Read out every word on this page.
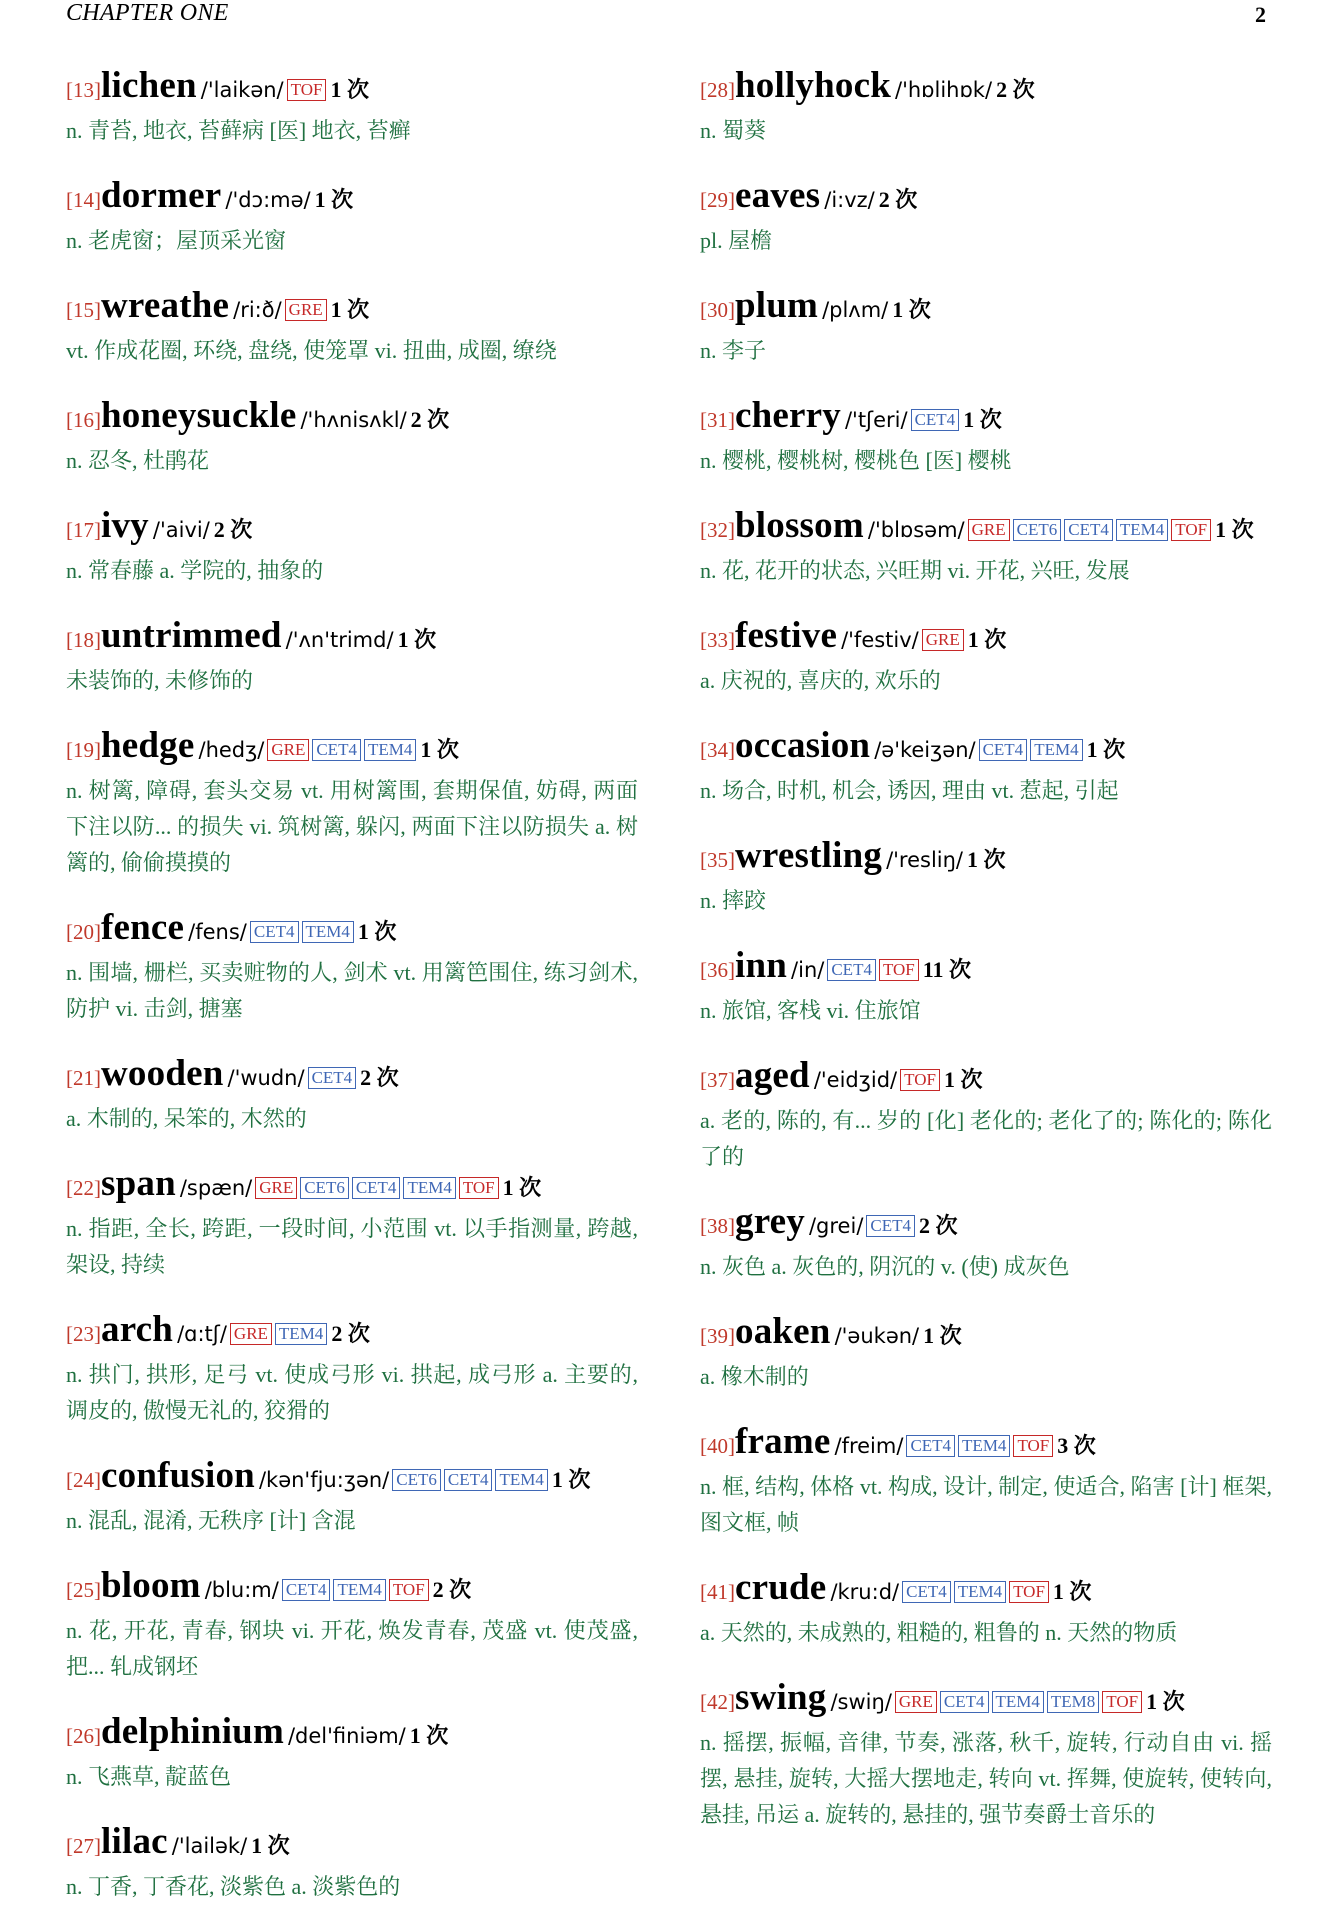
CHAPTER ONE	2
[13]lichen /'laikən/ TOF 1 次
n. 青苔, 地衣, 苔藓病 [医] 地衣, 苔癣
[14]dormer /'dɔ:mə/ 1 次
n. 老虎窗；屋顶采光窗
[15]wreathe /ri:ð/ GRE 1 次
vt. 作成花圈, 环绕, 盘绕, 使笼罩 vi. 扭曲, 成圈, 缭绕
[16]honeysuckle /'hʌnisʌkl/ 2 次
n. 忍冬, 杜鹃花
[17]ivy /'aivi/ 2 次
n. 常春藤 a. 学院的, 抽象的
[18]untrimmed /'ʌn'trimd/ 1 次
未装饰的, 未修饰的
[19]hedge /hedʒ/ GRE CET4 TEM4 1 次
n. 树篱, 障碍, 套头交易 vt. 用树篱围, 套期保值, 妨碍, 两面下注以防... 的损失 vi. 筑树篱, 躲闪, 两面下注以防损失 a. 树篱的, 偷偷摸摸的
[20]fence /fens/ CET4 TEM4 1 次
n. 围墙, 栅栏, 买卖赃物的人, 剑术 vt. 用篱笆围住, 练习剑术, 防护 vi. 击剑, 搪塞
[21]wooden /'wudn/ CET4 2 次
a. 木制的, 呆笨的, 木然的
[22]span /spæn/ GRE CET6 CET4 TEM4 TOF 1 次
n. 指距, 全长, 跨距, 一段时间, 小范围 vt. 以手指测量, 跨越, 架设, 持续
[23]arch /ɑ:tʃ/ GRE TEM4 2 次
n. 拱门, 拱形, 足弓 vt. 使成弓形 vi. 拱起, 成弓形 a. 主要的, 调皮的, 傲慢无礼的, 狡猾的
[24]confusion /kən'fju:ʒən/ CET6 CET4 TEM4 1 次
n. 混乱, 混淆, 无秩序 [计] 含混
[25]bloom /blu:m/ CET4 TEM4 TOF 2 次
n. 花, 开花, 青春, 钢块 vi. 开花, 焕发青春, 茂盛 vt. 使茂盛, 把... 轧成钢坯
[26]delphinium /del'finiəm/ 1 次
n. 飞燕草, 靛蓝色
[27]lilac /'lailək/ 1 次
n. 丁香, 丁香花, 淡紫色 a. 淡紫色的
[28]hollyhock /'hɒlihɒk/ 2 次
n. 蜀葵
[29]eaves /i:vz/ 2 次
pl. 屋檐
[30]plum /plʌm/ 1 次
n. 李子
[31]cherry /'tʃeri/ CET4 1 次
n. 樱桃, 樱桃树, 樱桃色 [医] 樱桃
[32]blossom /'blɒsəm/ GRE CET6 CET4 TEM4 TOF 1 次
n. 花, 花开的状态, 兴旺期 vi. 开花, 兴旺, 发展
[33]festive /'festiv/ GRE 1 次
a. 庆祝的, 喜庆的, 欢乐的
[34]occasion /ə'keiʒən/ CET4 TEM4 1 次
n. 场合, 时机, 机会, 诱因, 理由 vt. 惹起, 引起
[35]wrestling /'resliŋ/ 1 次
n. 摔跤
[36]inn /in/ CET4 TOF 11 次
n. 旅馆, 客栈 vi. 住旅馆
[37]aged /'eidʒid/ TOF 1 次
a. 老的, 陈的, 有... 岁的 [化] 老化的; 老化了的; 陈化的; 陈化了的
[38]grey /grei/ CET4 2 次
n. 灰色 a. 灰色的, 阴沉的 v. (使) 成灰色
[39]oaken /'əukən/ 1 次
a. 橡木制的
[40]frame /freim/ CET4 TEM4 TOF 3 次
n. 框, 结构, 体格 vt. 构成, 设计, 制定, 使适合, 陷害 [计] 框架, 图文框, 帧
[41]crude /kru:d/ CET4 TEM4 TOF 1 次
a. 天然的, 未成熟的, 粗糙的, 粗鲁的 n. 天然的物质
[42]swing /swiŋ/ GRE CET4 TEM4 TEM8 TOF 1 次
n. 摇摆, 振幅, 音律, 节奏, 涨落, 秋千, 旋转, 行动自由 vi. 摇摆, 悬挂, 旋转, 大摇大摆地走, 转向 vt. 挥舞, 使旋转, 使转向, 悬挂, 吊运 a. 旋转的, 悬挂的, 强节奏爵士音乐的
